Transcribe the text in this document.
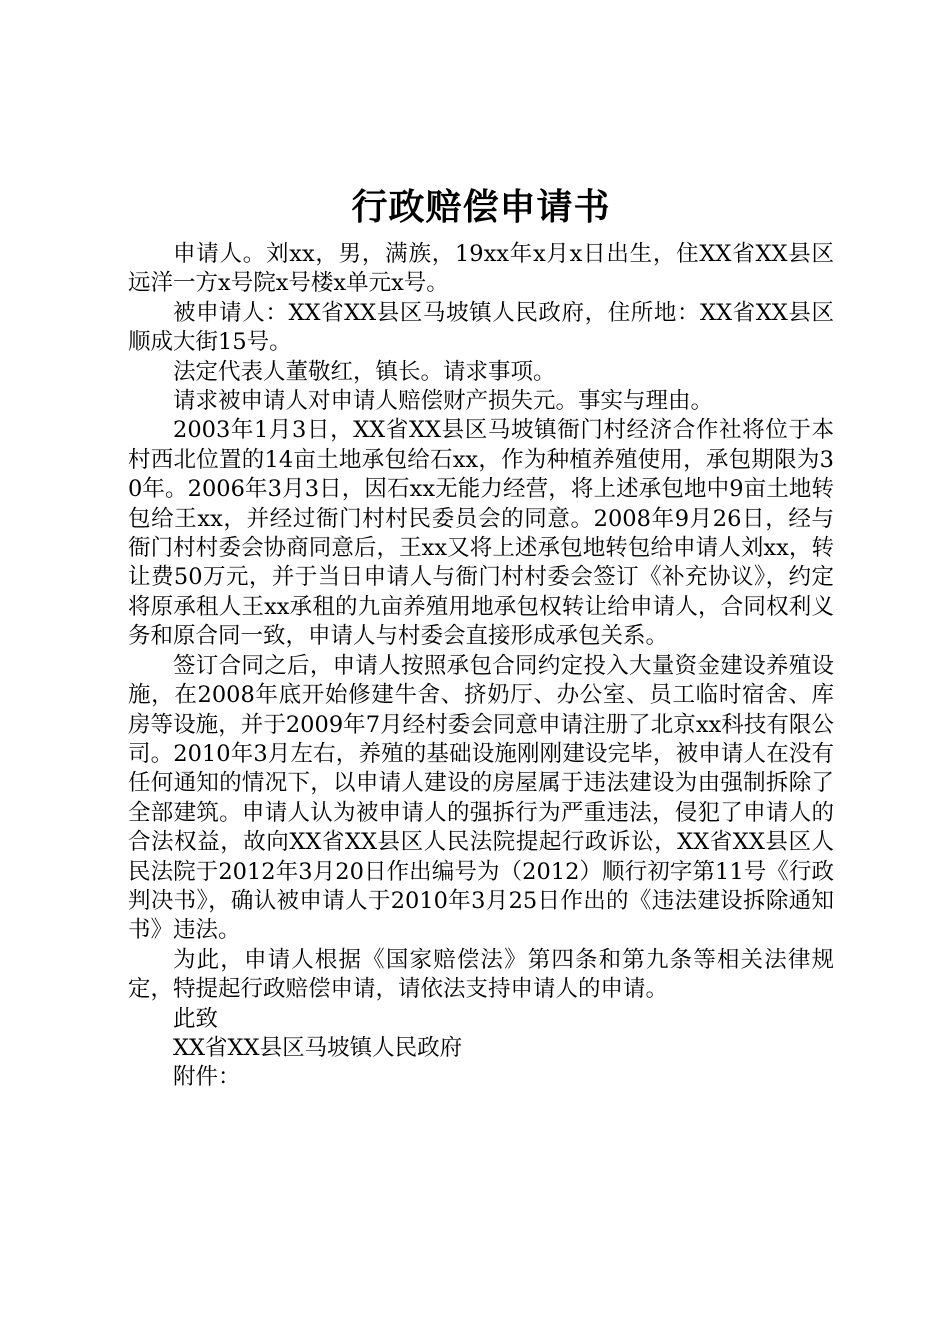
行政赔偿申请书

申请人。刘xx，男，满族，19xx年x月x日出生，住XX省XX县区远洋一方x号院x号楼x单元x号。

被申请人：XX省XX县区马坡镇人民政府，住所地：XX省XX县区顺成大街15号。

法定代表人董敬红，镇长。请求事项。

请求被申请人对申请人赔偿财产损失元。事实与理由。

2003年1月3日，XX省XX县区马坡镇衙门村经济合作社将位于本村西北位置的14亩土地承包给石xx，作为种植养殖使用，承包期限为30年。2006年3月3日，因石xx无能力经营，将上述承包地中9亩土地转包给王xx，并经过衙门村村民委员会的同意。2008年9月26日，经与衙门村村委会协商同意后，王xx又将上述承包地转包给申请人刘xx，转让费50万元，并于当日申请人与衙门村村委会签订《补充协议》，约定将原承租人王xx承租的九亩养殖用地承包权转让给申请人，合同权利义务和原合同一致，申请人与村委会直接形成承包关系。

签订合同之后，申请人按照承包合同约定投入大量资金建设养殖设施，在2008年底开始修建牛舍、挤奶厅、办公室、员工临时宿舍、库房等设施，并于2009年7月经村委会同意申请注册了北京xx科技有限公司。2010年3月左右，养殖的基础设施刚刚建设完毕，被申请人在没有任何通知的情况下，以申请人建设的房屋属于违法建设为由强制拆除了全部建筑。申请人认为被申请人的强拆行为严重违法，侵犯了申请人的合法权益，故向XX省XX县区人民法院提起行政诉讼，XX省XX县区人民法院于2012年3月20日作出编号为（2012）顺行初字第11号《行政判决书》，确认被申请人于2010年3月25日作出的《违法建设拆除通知书》违法。

为此，申请人根据《国家赔偿法》第四条和第九条等相关法律规定，特提起行政赔偿申请，请依法支持申请人的申请。

此致

XX省XX县区马坡镇人民政府

附件：
